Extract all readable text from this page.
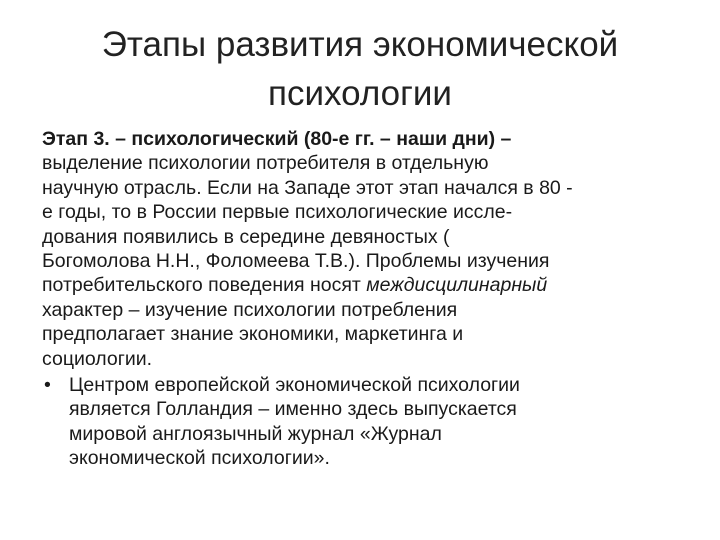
Этапы развития экономической
психологии

Этап 3. – психологический (80-е гг. – наши дни) –
выделение психологии потребителя в отдельную
научную отрасль. Если на Западе этот этап начался в 80 -
е годы, то в России первые психологические иссле-
дования появились в середине девяностых (
Богомолова Н.Н., Фоломеева Т.В.). Проблемы изучения
потребительского поведения носят междисцилинарный
характер – изучение психологии потребления
предполагает знание экономики, маркетинга и
социологии.

• Центром европейской экономической психологии
является Голландия – именно здесь выпускается
мировой англоязычный журнал «Журнал
экономической психологии».
